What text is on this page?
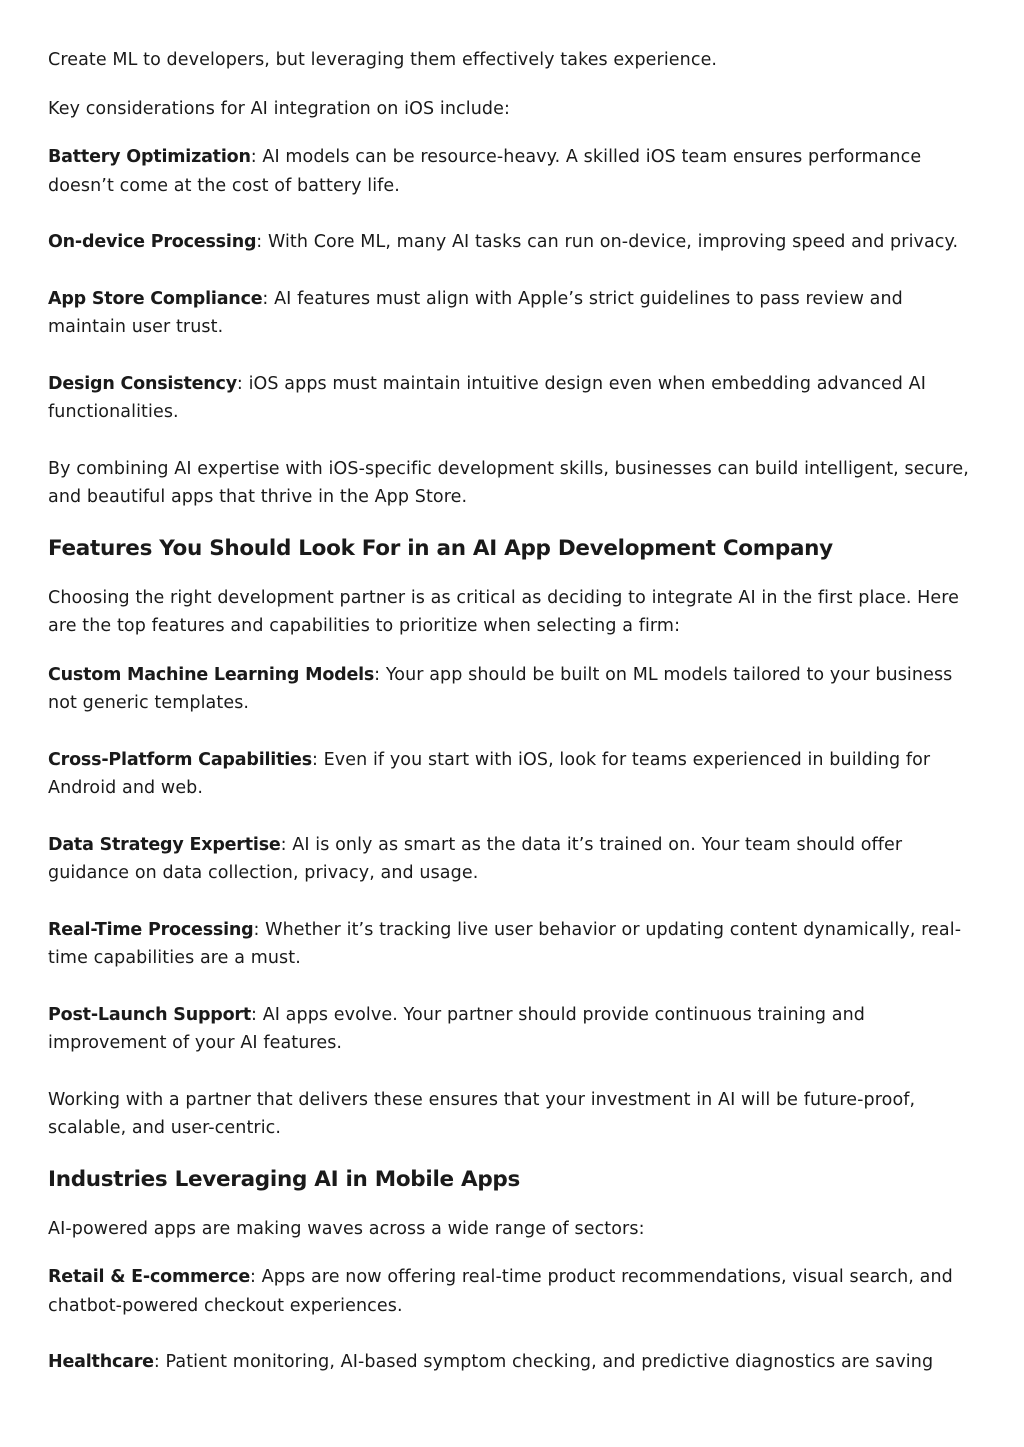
Create ML to developers, but leveraging them effectively takes experience.

Key considerations for AI integration on iOS include:

Battery Optimization: AI models can be resource-heavy. A skilled iOS team ensures performance doesn’t come at the cost of battery life.

On-device Processing: With Core ML, many AI tasks can run on-device, improving speed and privacy.

App Store Compliance: AI features must align with Apple’s strict guidelines to pass review and maintain user trust.

Design Consistency: iOS apps must maintain intuitive design even when embedding advanced AI functionalities.

By combining AI expertise with iOS-specific development skills, businesses can build intelligent, secure, and beautiful apps that thrive in the App Store.

Features You Should Look For in an AI App Development Company

Choosing the right development partner is as critical as deciding to integrate AI in the first place. Here are the top features and capabilities to prioritize when selecting a firm:

Custom Machine Learning Models: Your app should be built on ML models tailored to your business not generic templates.

Cross-Platform Capabilities: Even if you start with iOS, look for teams experienced in building for Android and web.

Data Strategy Expertise: AI is only as smart as the data it’s trained on. Your team should offer guidance on data collection, privacy, and usage.

Real-Time Processing: Whether it’s tracking live user behavior or updating content dynamically, real-time capabilities are a must.

Post-Launch Support: AI apps evolve. Your partner should provide continuous training and improvement of your AI features.

Working with a partner that delivers these ensures that your investment in AI will be future-proof, scalable, and user-centric.

Industries Leveraging AI in Mobile Apps

AI-powered apps are making waves across a wide range of sectors:

Retail & E-commerce: Apps are now offering real-time product recommendations, visual search, and chatbot-powered checkout experiences.

Healthcare: Patient monitoring, AI-based symptom checking, and predictive diagnostics are saving
